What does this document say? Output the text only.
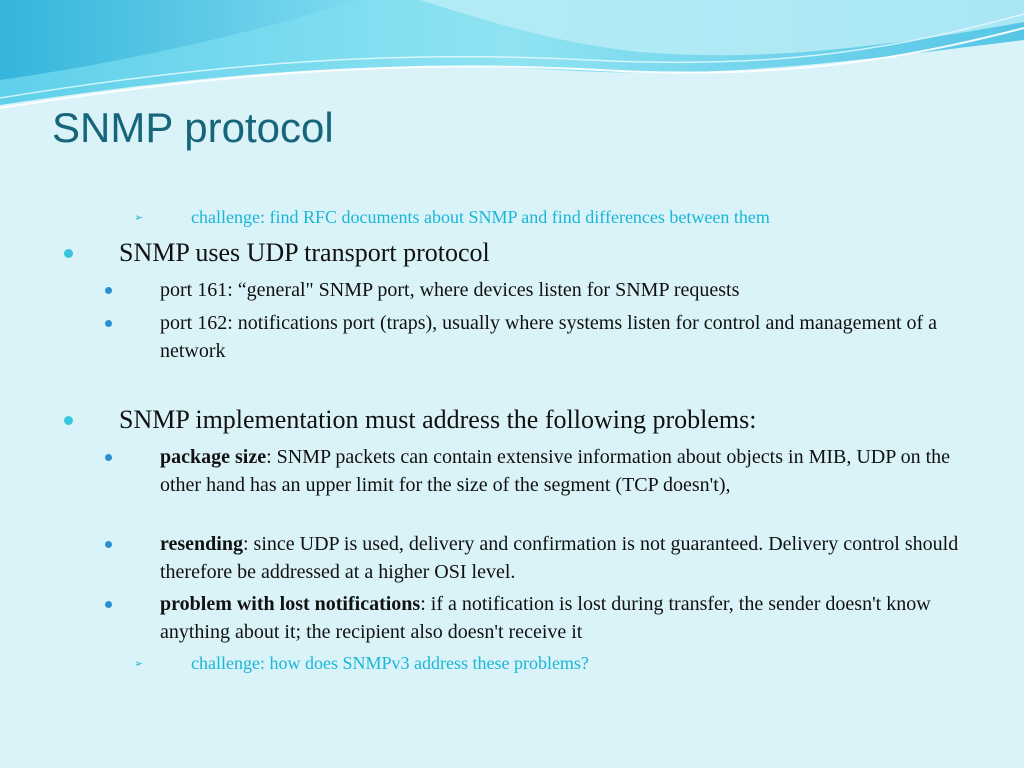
SNMP protocol
➢	challenge: find RFC documents about SNMP and find differences between them
SNMP uses UDP transport protocol
port 161: “general" SNMP port, where devices listen for SNMP requests
port 162: notifications port (traps), usually where systems listen for control and management of a network
SNMP implementation must address the following problems:
package size: SNMP packets can contain extensive information about objects in MIB, UDP on the other hand has an upper limit for the size of the segment (TCP doesn't),
resending: since UDP is used, delivery and confirmation is not guaranteed. Delivery control should therefore be addressed at a higher OSI level.
problem with lost notifications: if a notification is lost during transfer, the sender doesn't know anything about it; the recipient also doesn't receive it
➢	challenge: how does SNMPv3 address these problems?
